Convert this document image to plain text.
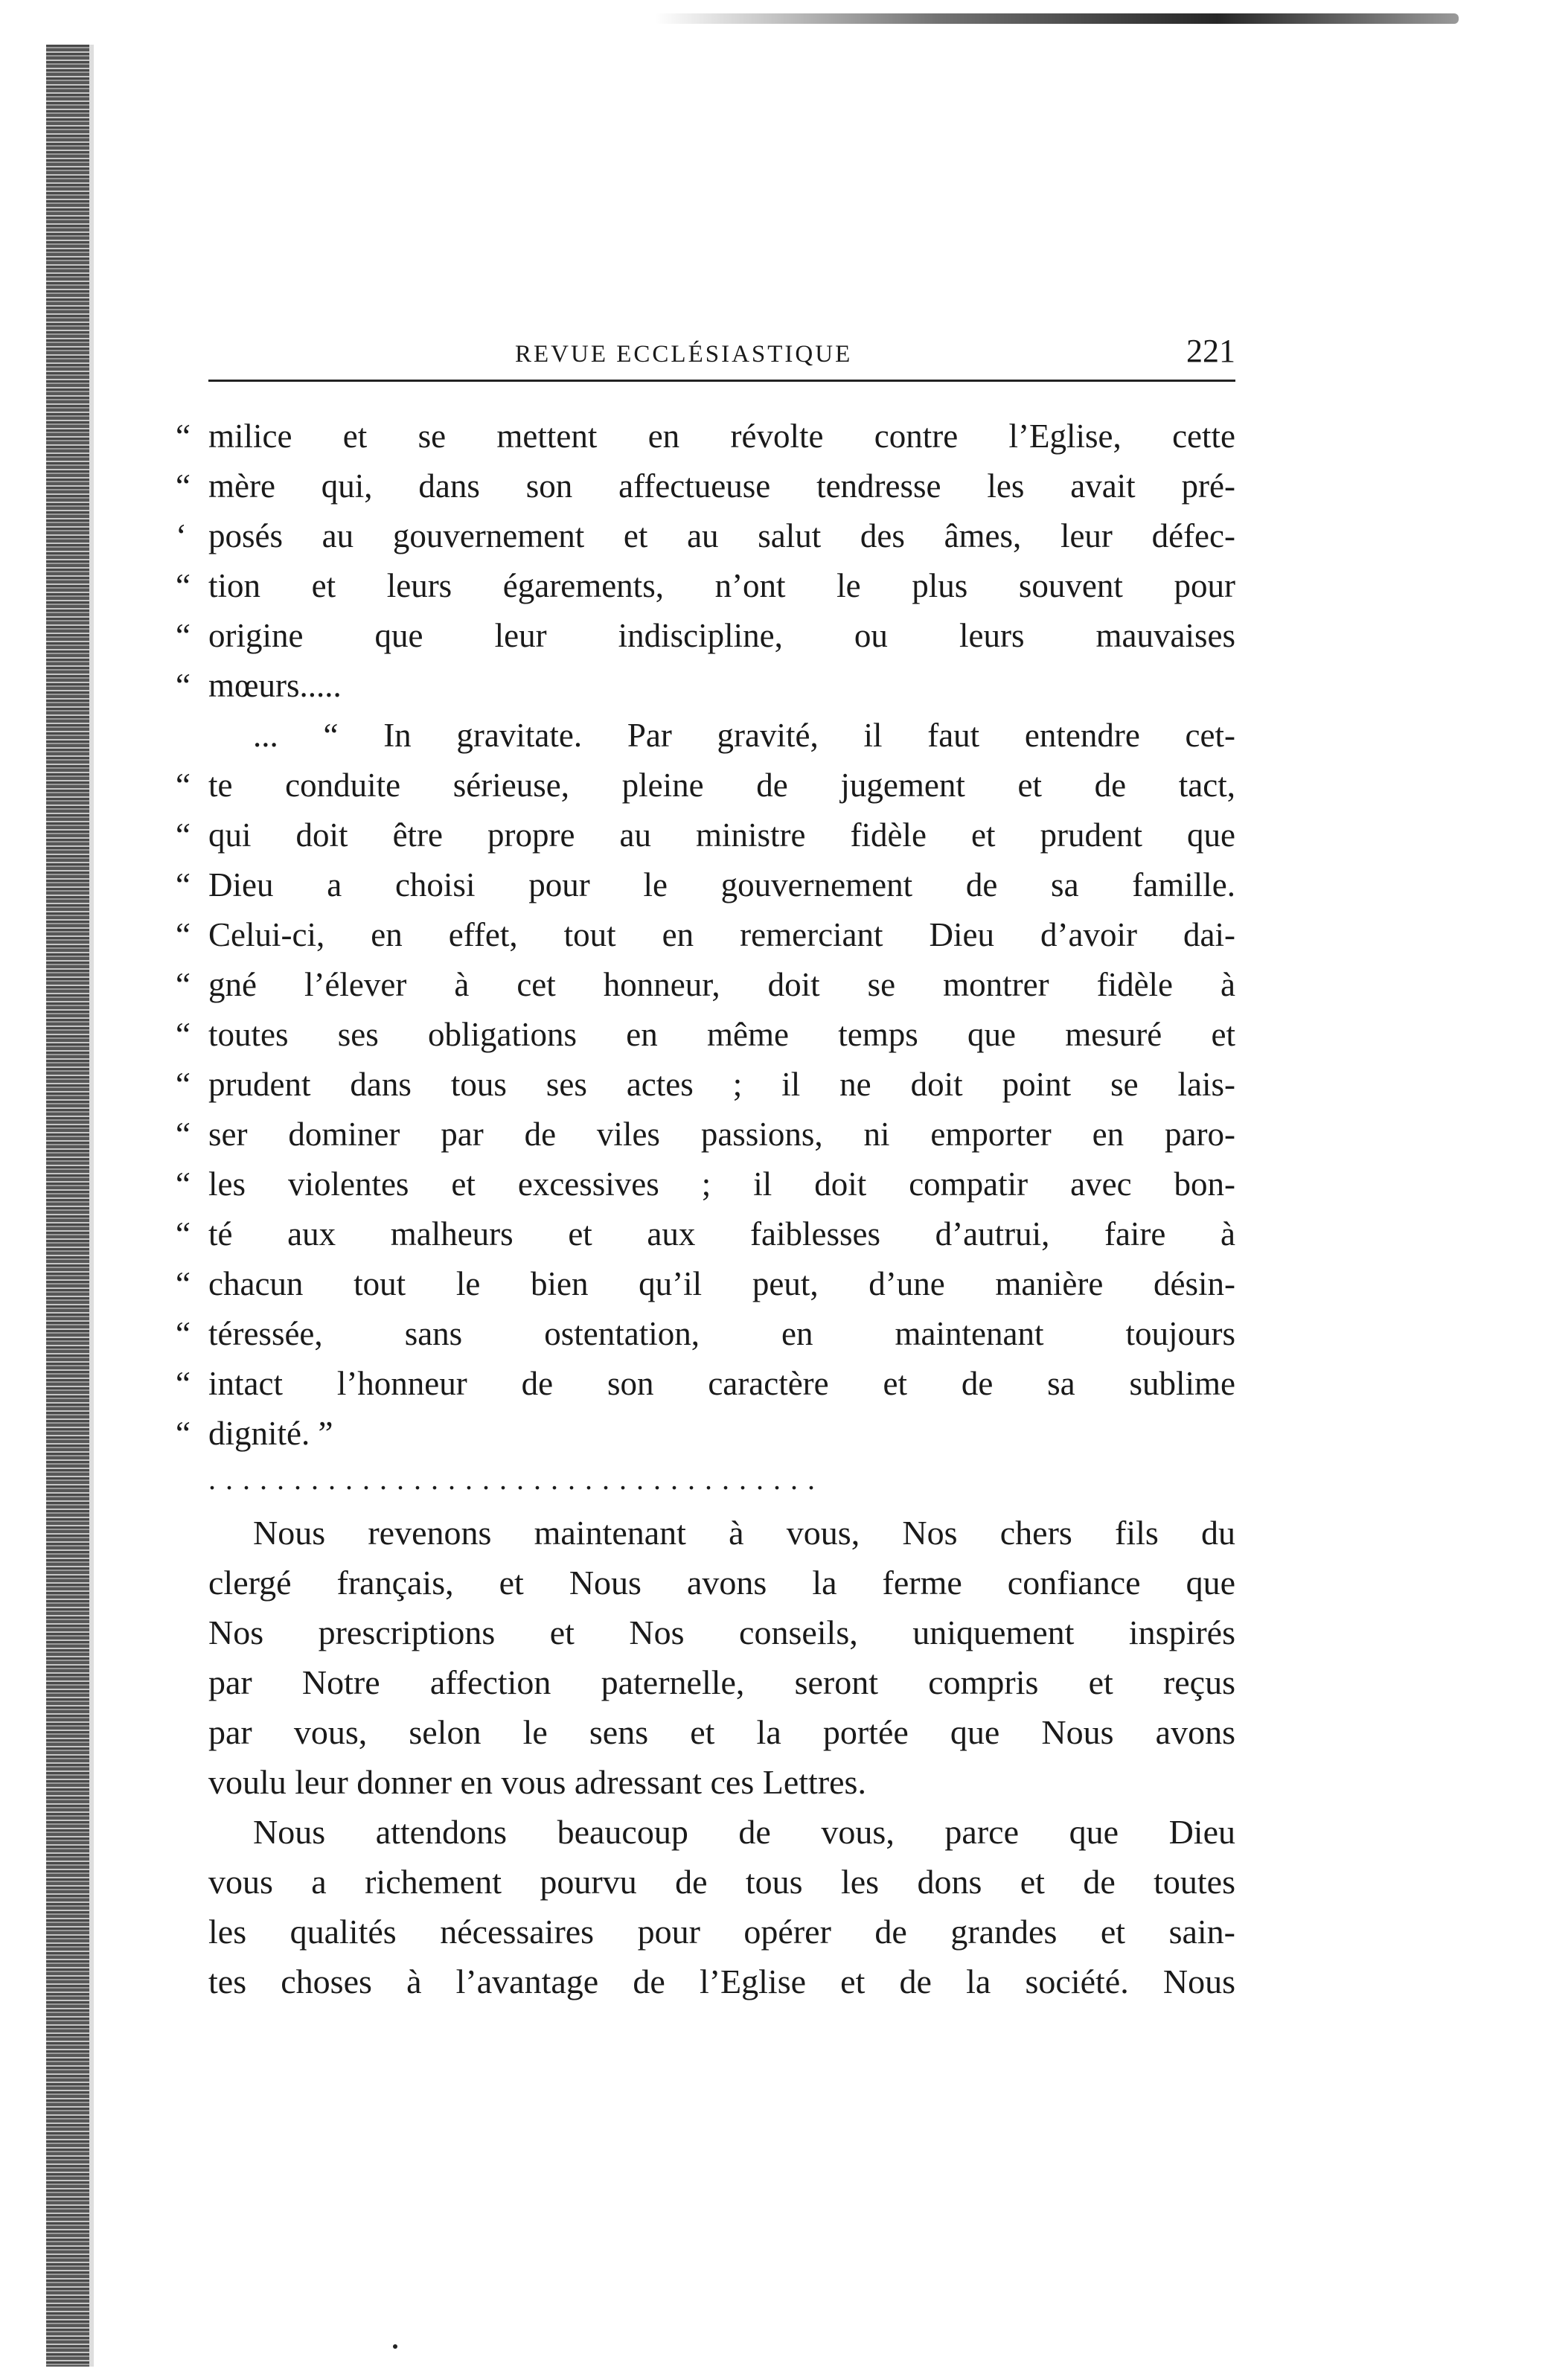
REVUE ECCLÉSIASTIQUE	221
“ milice et se mettent en révolte contre l’Eglise, cette
“ mère qui, dans son affectueuse tendresse les avait pré-
‘ posés au gouvernement et au salut des âmes, leur défec-
“ tion et leurs égarements, n’ont le plus souvent pour
“ origine que leur indiscipline, ou leurs mauvaises
“ mœurs.....
... “ In gravitate. Par gravité, il faut entendre cet-
“ te conduite sérieuse, pleine de jugement et de tact,
“ qui doit être propre au ministre fidèle et prudent que
“ Dieu a choisi pour le gouvernement de sa famille.
“ Celui-ci, en effet, tout en remerciant Dieu d’avoir dai-
“ gné l’élever à cet honneur, doit se montrer fidèle à
“ toutes ses obligations en même temps que mesuré et
“ prudent dans tous ses actes ; il ne doit point se lais-
“ ser dominer par de viles passions, ni emporter en paro-
“ les violentes et excessives ; il doit compatir avec bon-
“ té aux malheurs et aux faiblesses d’autrui, faire à
“ chacun tout le bien qu’il peut, d’une manière désin-
“ téressée, sans ostentation, en maintenant toujours
“ intact l’honneur de son caractère et de sa sublime
“ dignité. ”
....................................
Nous revenons maintenant à vous, Nos chers fils du
clergé français, et Nous avons la ferme confiance que
Nos prescriptions et Nos conseils, uniquement inspirés
par Notre affection paternelle, seront compris et reçus
par vous, selon le sens et la portée que Nous avons
voulu leur donner en vous adressant ces Lettres.
Nous attendons beaucoup de vous, parce que Dieu
vous a richement pourvu de tous les dons et de toutes
les qualités nécessaires pour opérer de grandes et sain-
tes choses à l’avantage de l’Eglise et de la société. Nous
